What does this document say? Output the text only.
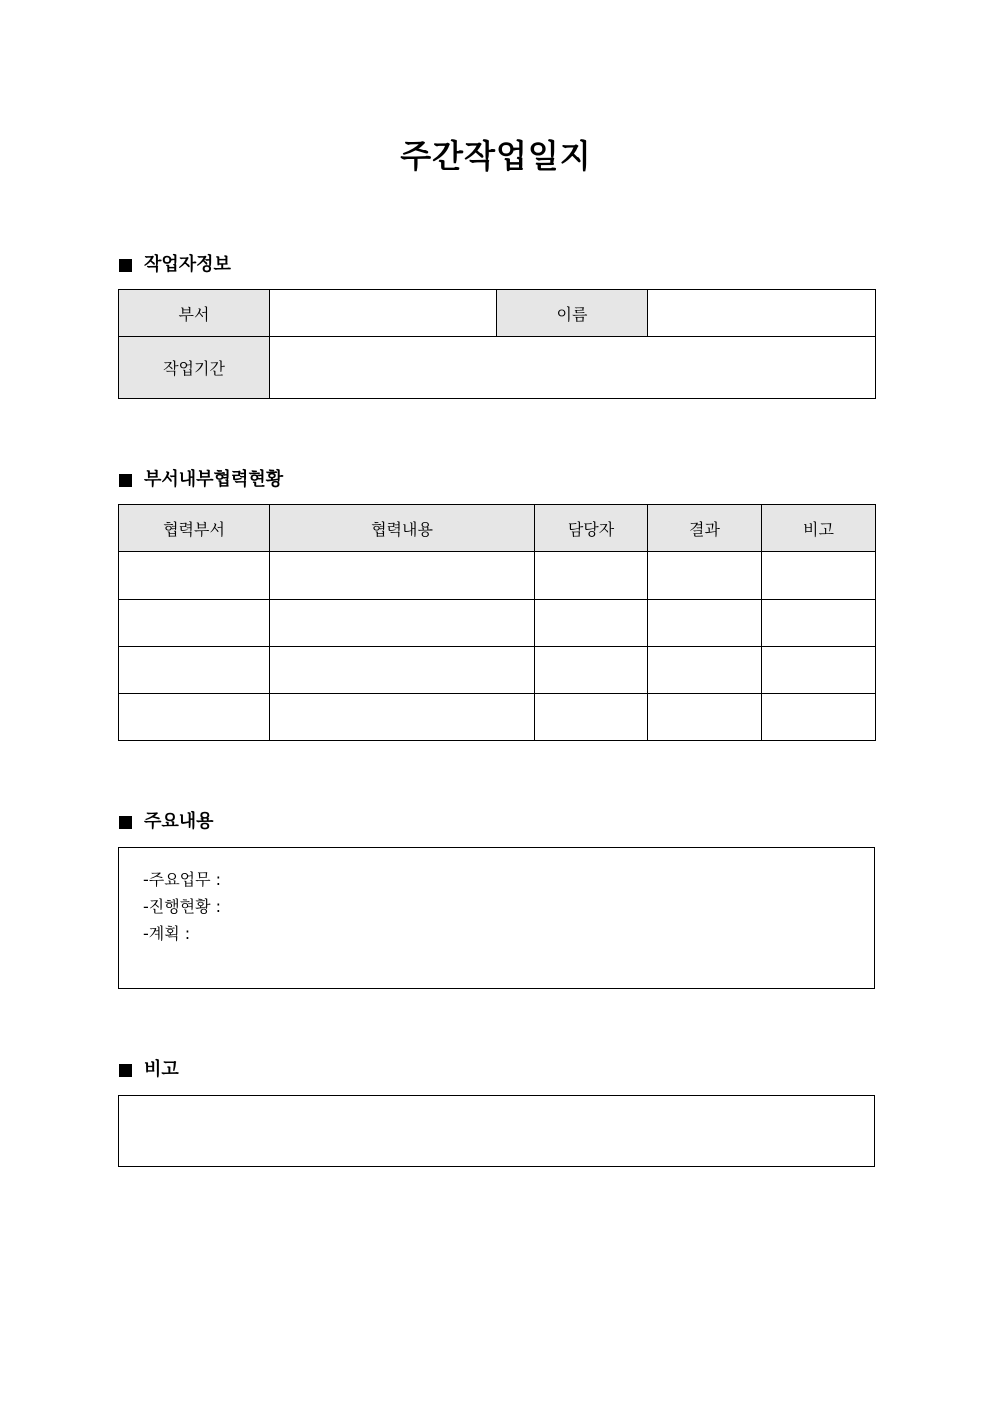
주간작업일지
작업자정보
부서		이름	
작업기간			
부서내부협력현황
협력부서	협력내용	담당자	결과	비고

주요내용
-주요업무 :
-진행현황 :
-계획 :
비고
